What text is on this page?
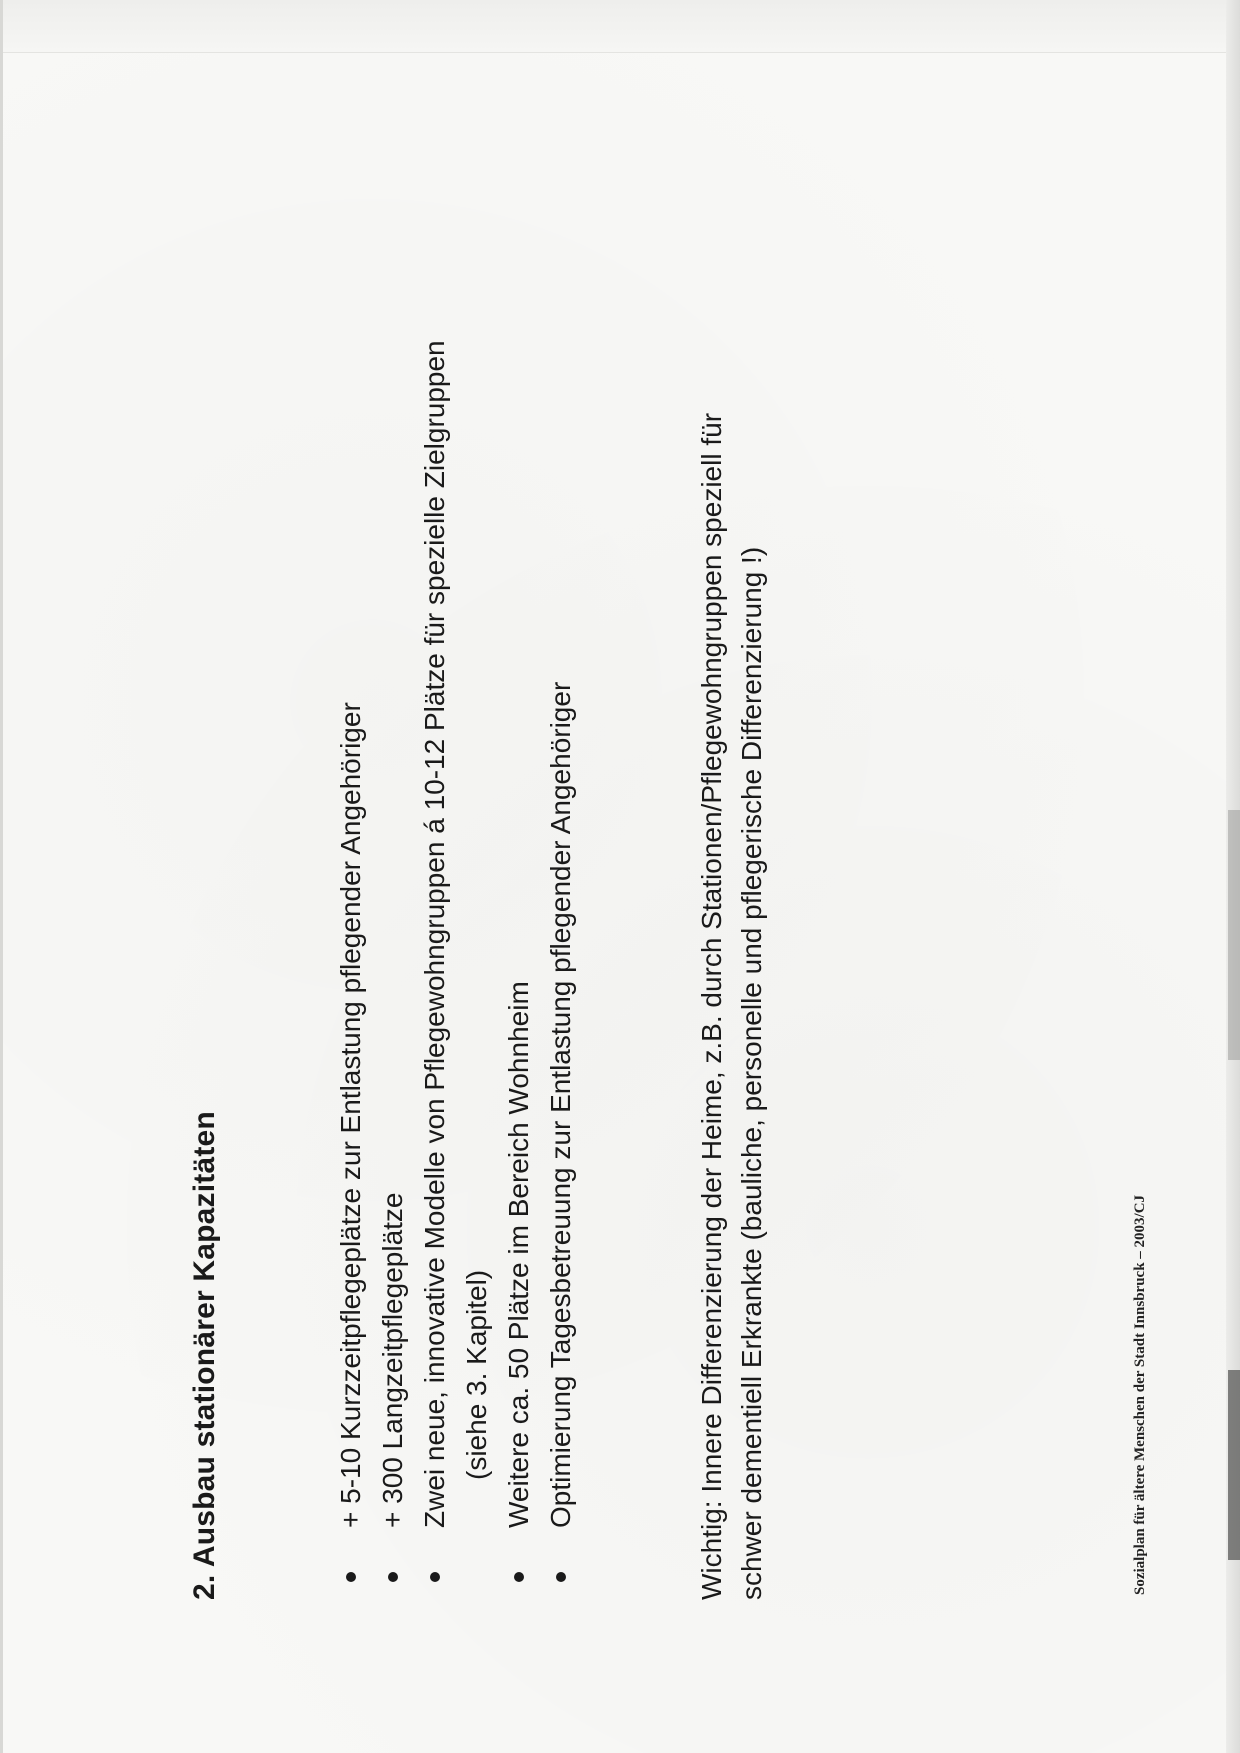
2. Ausbau stationärer Kapazitäten	+ 5-10 Kurzzeitpflegeplätze zur Entlastung pflegender Angehöriger + 300 Langzeitpflegeplätze Zwei neue, innovative Modelle von Pflegewohngruppen á 10-12 Plätze für spezielle Zielgruppen (siehe 3. Kapitel) Weitere ca. 50 Plätze im Bereich Wohnheim Optimierung Tagesbetreuung zur Entlastung pflegender Angehöriger	Wichtig: Innere Differenzierung der Heime, z.B. durch Stationen/Pflegewohngruppen speziell für schwer dementiell Erkrankte (bauliche, personelle und pflegerische Differenzierung !)	Sozialplan für ältere Menschen der Stadt Innsbruck – 2003/CJ
